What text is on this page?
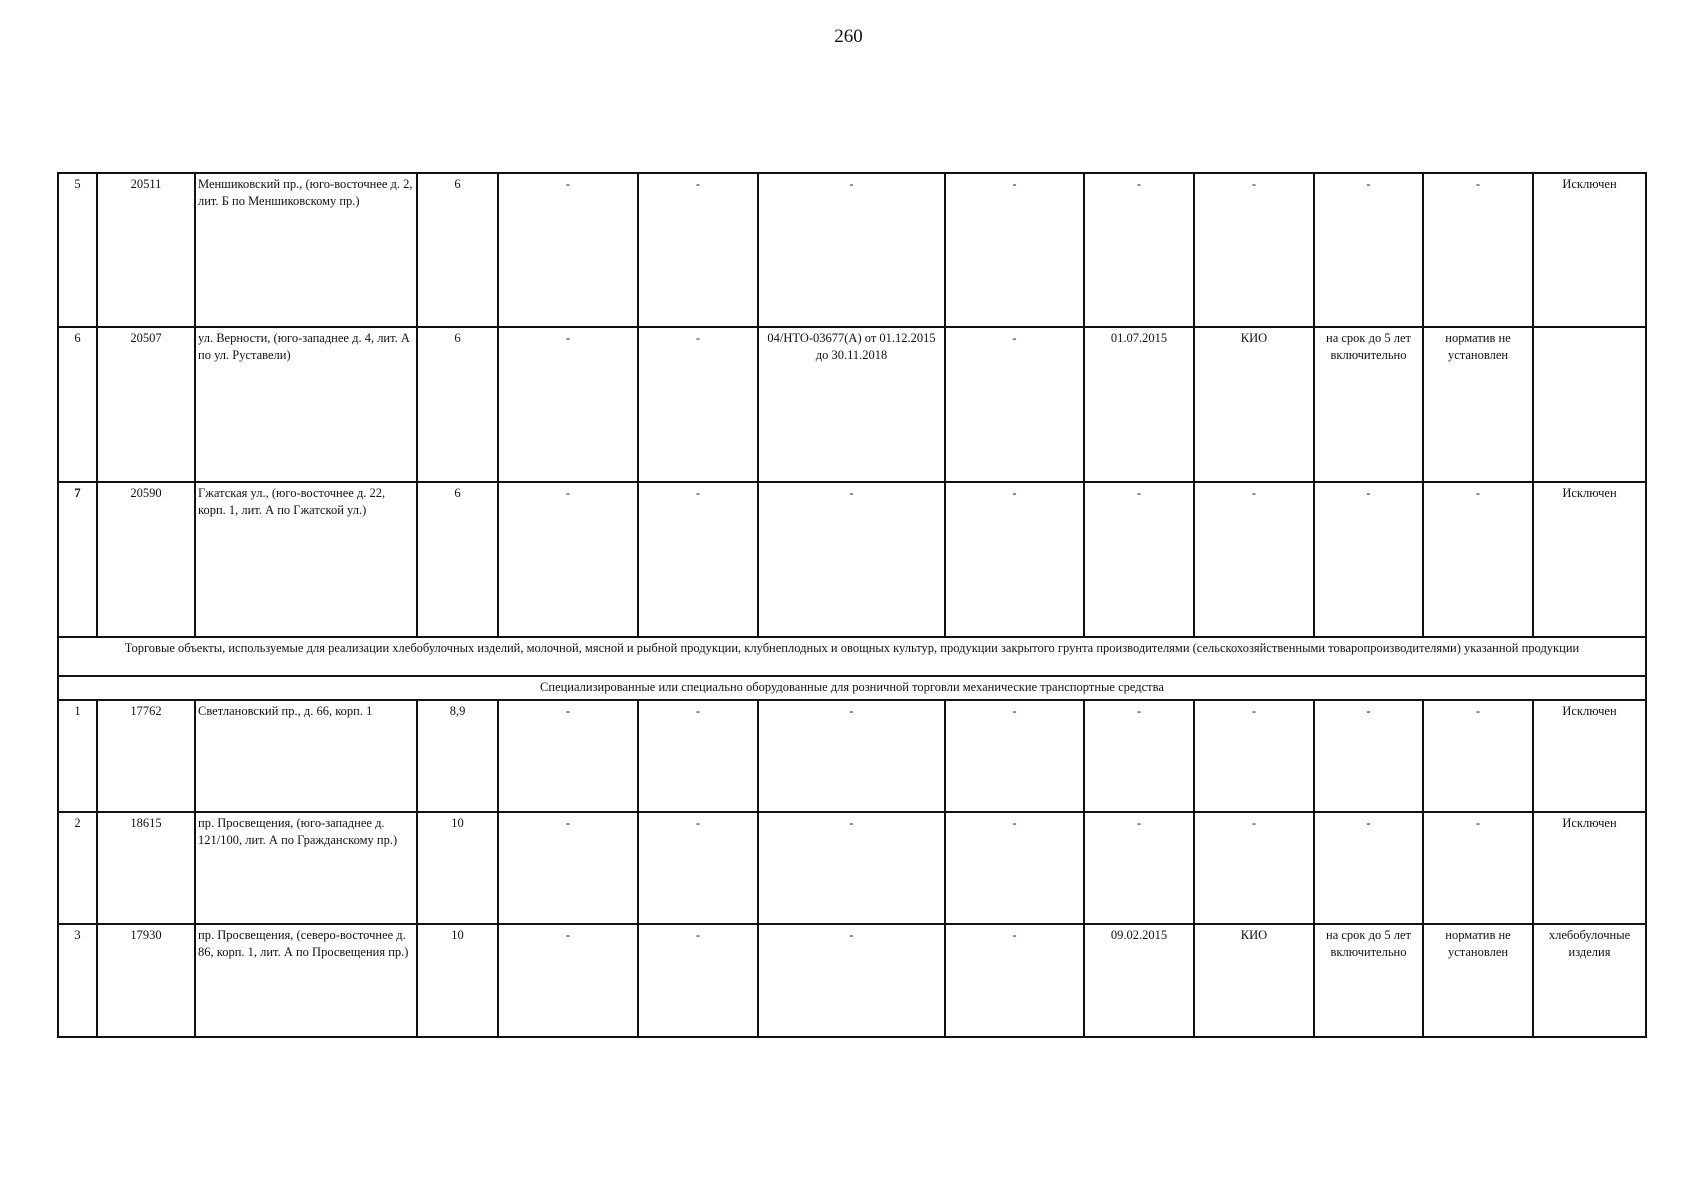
260
5	20511	Меншиковский пр., (юго-восточнее д. 2, лит. Б по Меншиковскому пр.)	6	-	-	-	-	-	-	-	-	Исключен
6	20507	ул. Верности, (юго-западнее д. 4, лит. А по ул. Руставели)	6	-	-	04/НТО-03677(А) от 01.12.2015 до 30.11.2018	-	01.07.2015	КИО	на срок до 5 лет включительно	норматив не установлен	
7	20590	Гжатская ул., (юго-восточнее д. 22, корп. 1, лит. А по Гжатской ул.)	6	-	-	-	-	-	-	-	-	Исключен
Торговые объекты, используемые для реализации хлебобулочных изделий, молочной, мясной и рыбной продукции, клубнеплодных и овощных культур, продукции закрытого грунта производителями (сельскохозяйственными товаропроизводителями) указанной продукции												
Специализированные или специально оборудованные для розничной торговли механические транспортные средства												
1	17762	Светлановский пр., д. 66, корп. 1	8,9	-	-	-	-	-	-	-	-	Исключен
2	18615	пр. Просвещения, (юго-западнее д. 121/100, лит. А по Гражданскому пр.)	10	-	-	-	-	-	-	-	-	Исключен
3	17930	пр. Просвещения, (северо-восточнее д. 86, корп. 1, лит. А по Просвещения пр.)	10	-	-	-	-	09.02.2015	КИО	на срок до 5 лет включительно	норматив не установлен	хлебобулочные изделия
